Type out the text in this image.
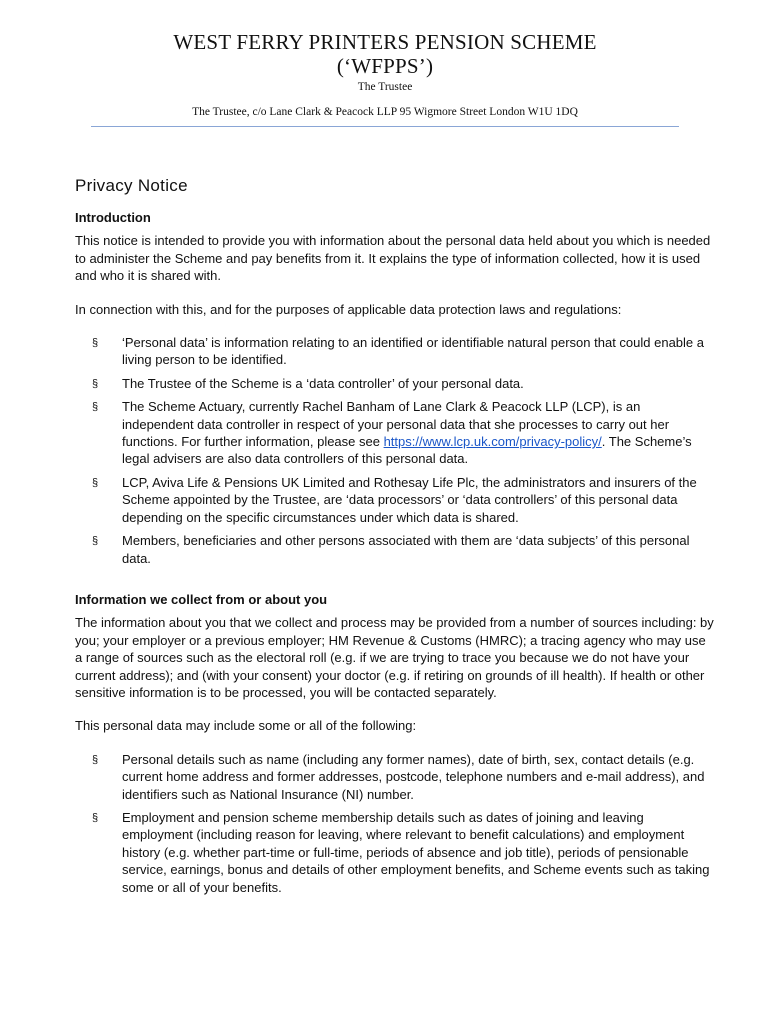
WEST FERRY PRINTERS PENSION SCHEME
(‘WFPPS’)
The Trustee
The Trustee, c/o Lane Clark & Peacock LLP 95 Wigmore Street London W1U 1DQ
Privacy Notice
Introduction

This notice is intended to provide you with information about the personal data held about you which is needed to administer the Scheme and pay benefits from it. It explains the type of information collected, how it is used and who it is shared with.

In connection with this, and for the purposes of applicable data protection laws and regulations:

§ ‘Personal data’ is information relating to an identified or identifiable natural person that could enable a living person to be identified.
§ The Trustee of the Scheme is a ‘data controller’ of your personal data.
§ The Scheme Actuary, currently Rachel Banham of Lane Clark & Peacock LLP (LCP), is an independent data controller in respect of your personal data that she processes to carry out her functions. For further information, please see https://www.lcp.uk.com/privacy-policy/. The Scheme’s legal advisers are also data controllers of this personal data.
§ LCP, Aviva Life & Pensions UK Limited and Rothesay Life Plc, the administrators and insurers of the Scheme appointed by the Trustee, are ‘data processors’ or ‘data controllers’ of this personal data depending on the specific circumstances under which data is shared.
§ Members, beneficiaries and other persons associated with them are ‘data subjects’ of this personal data.
Information we collect from or about you

The information about you that we collect and process may be provided from a number of sources including: by you; your employer or a previous employer; HM Revenue & Customs (HMRC); a tracing agency who may use a range of sources such as the electoral roll (e.g. if we are trying to trace you because we do not have your current address); and (with your consent) your doctor (e.g. if retiring on grounds of ill health). If health or other sensitive information is to be processed, you will be contacted separately.

This personal data may include some or all of the following:

§ Personal details such as name (including any former names), date of birth, sex, contact details (e.g. current home address and former addresses, postcode, telephone numbers and e-mail address), and identifiers such as National Insurance (NI) number.
§ Employment and pension scheme membership details such as dates of joining and leaving employment (including reason for leaving, where relevant to benefit calculations) and employment history (e.g. whether part-time or full-time, periods of absence and job title), periods of pensionable service, earnings, bonus and details of other employment benefits, and Scheme events such as taking some or all of your benefits.
